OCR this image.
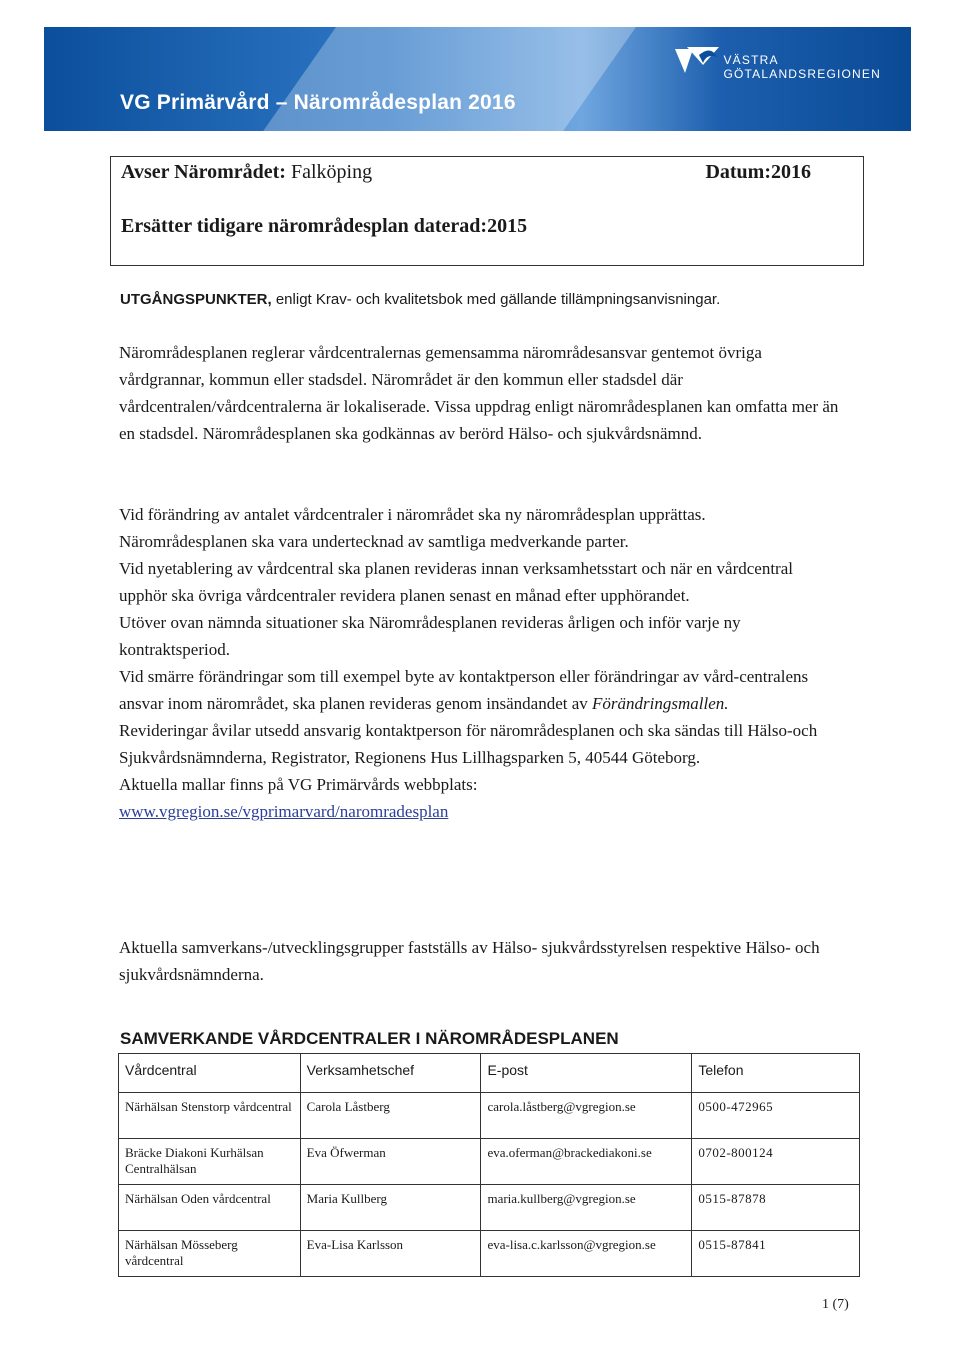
VG Primärvård – Närområdesplan 2016
VÄSTRA
GÖTALANDSREGIONEN
Avser Närområdet: Falköping	Datum:2016
Ersätter tidigare närområdesplan daterad:2015
UTGÅNGSPUNKTER, enligt Krav- och kvalitetsbok med gällande tillämpningsanvisningar.

Närområdesplanen reglerar vårdcentralernas gemensamma närområdesansvar gentemot övriga vårdgrannar, kommun eller stadsdel. Närområdet är den kommun eller stadsdel där vårdcentralen/vårdcentralerna är lokaliserade. Vissa uppdrag enligt närområdesplanen kan omfatta mer än en stadsdel. Närområdesplanen ska godkännas av berörd Hälso- och sjukvårdsnämnd.

Vid förändring av antalet vårdcentraler i närområdet ska ny närområdesplan upprättas.
Närområdesplanen ska vara undertecknad av samtliga medverkande parter.
Vid nyetablering av vårdcentral ska planen revideras innan verksamhetsstart och när en vårdcentral upphör ska övriga vårdcentraler revidera planen senast en månad efter upphörandet.
Utöver ovan nämnda situationer ska Närområdesplanen revideras årligen och inför varje ny kontraktsperiod.
Vid smärre förändringar som till exempel byte av kontaktperson eller förändringar av vård-centralens ansvar inom närområdet, ska planen revideras genom insändandet av Förändringsmallen.
Revideringar åvilar utsedd ansvarig kontaktperson för närområdesplanen och ska sändas till Hälso-och Sjukvårdsnämnderna, Registrator, Regionens Hus Lillhagsparken 5, 40544 Göteborg.
Aktuella mallar finns på VG Primärvårds webbplats:
www.vgregion.se/vgprimarvard/naromradesplan

Aktuella samverkans-/utvecklingsgrupper fastställs av Hälso- sjukvårdsstyrelsen respektive Hälso- och sjukvårdsnämnderna.

SAMVERKANDE VÅRDCENTRALER I NÄROMRÅDESPLANEN
Vårdcentral	Verksamhetschef	E-post	Telefon
Närhälsan Stenstorp vårdcentral	Carola Låstberg	carola.låstberg@vgregion.se	0500-472965
Bräcke Diakoni Kurhälsan Centralhälsan	Eva Öfwerman	eva.oferman@brackediakoni.se	0702-800124
Närhälsan Oden vårdcentral	Maria Kullberg	maria.kullberg@vgregion.se	0515-87878
Närhälsan Mösseberg vårdcentral	Eva-Lisa Karlsson	eva-lisa.c.karlsson@vgregion.se	0515-87841
1 (7)
